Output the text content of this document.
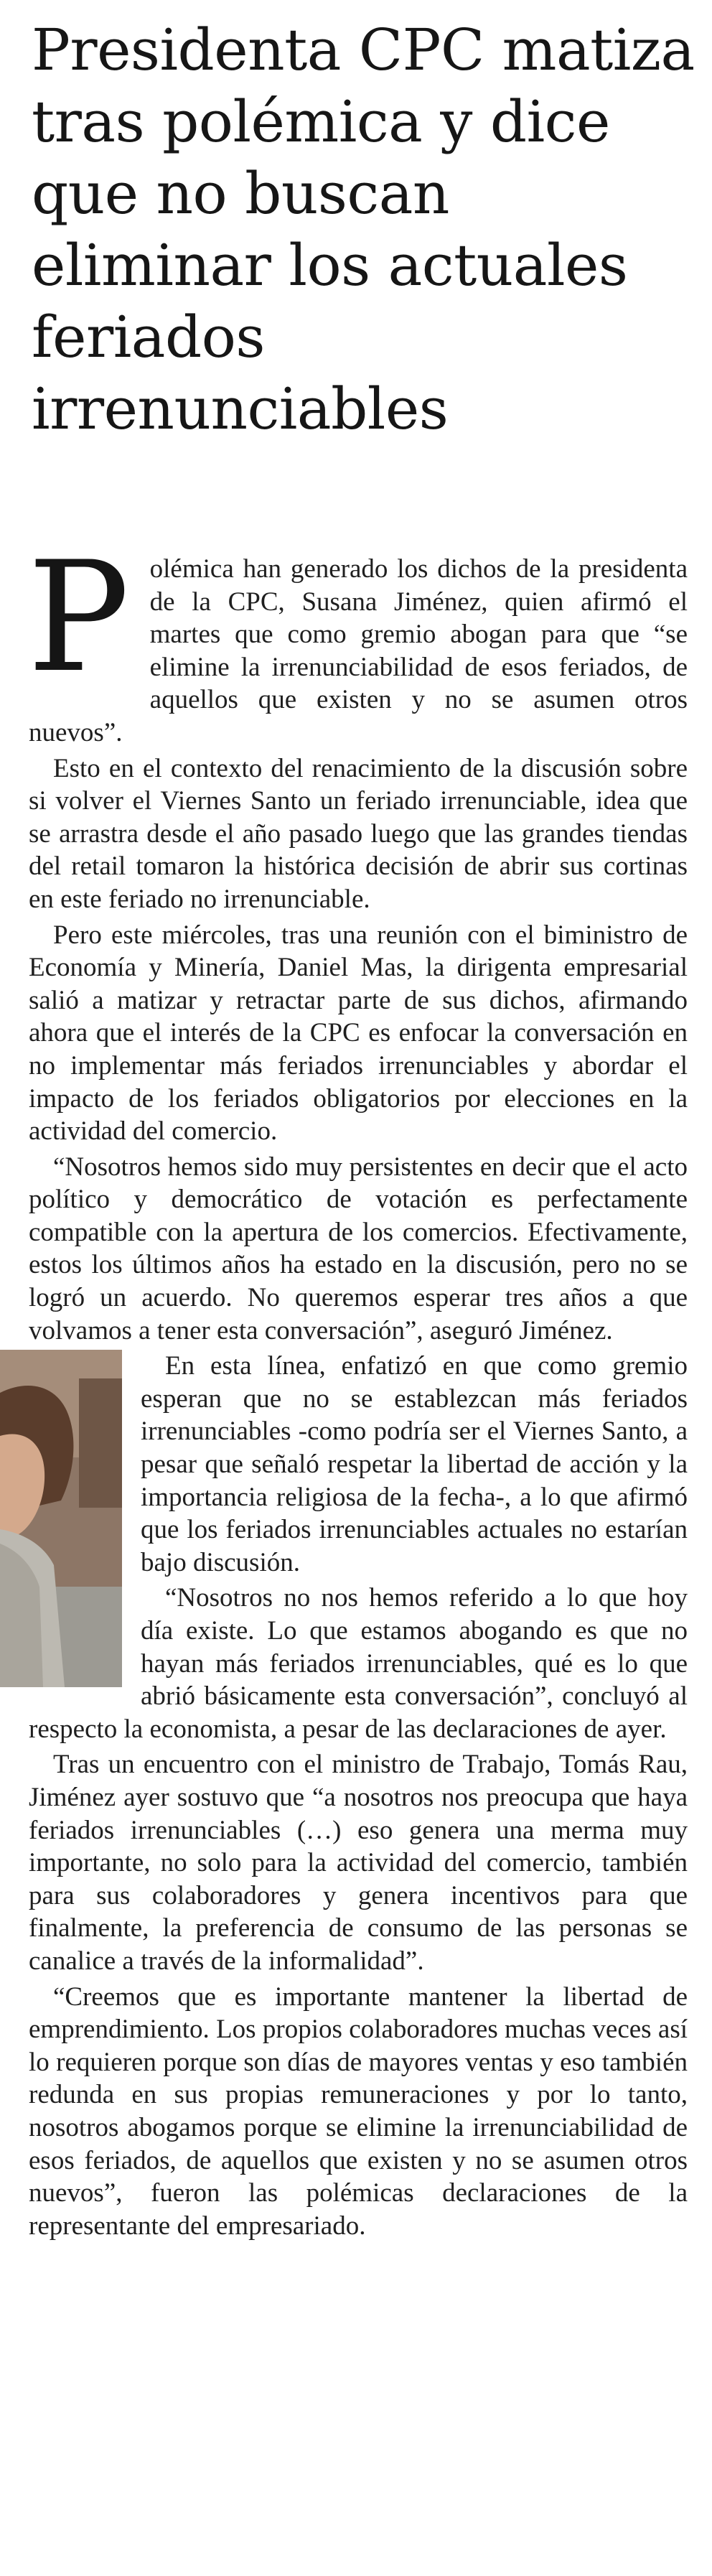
Presidenta CPC matiza tras polémica y dice que no buscan eliminar los actuales feriados irrenunciables

Polémica han generado los dichos de la presidenta de la CPC, Susana Jiménez, quien afirmó el martes que como gremio abogan para que “se elimine la irrenunciabilidad de esos feriados, de aquellos que existen y no se asumen otros nuevos”.

Esto en el contexto del renacimiento de la discusión sobre si volver el Viernes Santo un feriado irrenunciable, idea que se arrastra desde el año pasado luego que las grandes tiendas del retail tomaron la histórica decisión de abrir sus cortinas en este feriado no irrenunciable.

Pero este miércoles, tras una reunión con el biministro de Economía y Minería, Daniel Mas, la dirigenta empresarial salió a matizar y retractar parte de sus dichos, afirmando ahora que el interés de la CPC es enfocar la conversación en no implementar más feriados irrenunciables y abordar el impacto de los feriados obligatorios por elecciones en la actividad del comercio.

“Nosotros hemos sido muy persistentes en decir que el acto político y democrático de votación es perfectamente compatible con la apertura de los comercios. Efectivamente, estos los últimos años ha estado en la discusión, pero no se logró un acuerdo. No queremos esperar tres años a que volvamos a tener esta conversación”, aseguró Jiménez.

En esta línea, enfatizó en que como gremio esperan que no se establezcan más feriados irrenunciables -como podría ser el Viernes Santo, a pesar que señaló respetar la libertad de acción y la importancia religiosa de la fecha-, a lo que afirmó que los feriados irrenunciables actuales no estarían bajo discusión.

“Nosotros no nos hemos referido a lo que hoy día existe. Lo que estamos abogando es que no hayan más feriados irrenunciables, qué es lo que abrió básicamente esta conversación”, concluyó al respecto la economista, a pesar de las declaraciones de ayer.

Tras un encuentro con el ministro de Trabajo, Tomás Rau, Jiménez ayer sostuvo que “a nosotros nos preocupa que haya feriados irrenunciables (…) eso genera una merma muy importante, no solo para la actividad del comercio, también para sus colaboradores y genera incentivos para que finalmente, la preferencia de consumo de las personas se canalice a través de la informalidad”.

“Creemos que es importante mantener la libertad de emprendimiento. Los propios colaboradores muchas veces así lo requieren porque son días de mayores ventas y eso también redunda en sus propias remuneraciones y por lo tanto, nosotros abogamos porque se elimine la irrenunciabilidad de esos feriados, de aquellos que existen y no se asumen otros nuevos”, fueron las polémicas declaraciones de la representante del empresariado.
